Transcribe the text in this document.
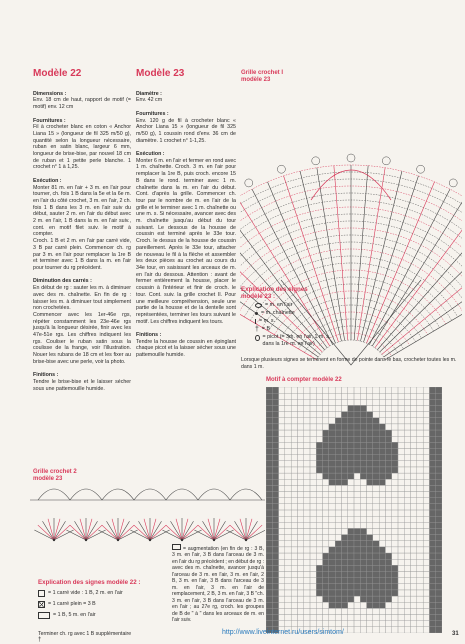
Modèle 22

Dimensions :

Env. 18 cm de haut, rapport de motif (= motif) env. 12 cm

Fournitures :

Fil à crocheter blanc en coton « Anchor Liana 15 » (longueur de fil 325 m/50 g), quantité selon la longueur nécessaire, ruban en satin blanc, largeur 6 mm, longueur de brise-bise, par nouvel 18 cm de ruban et 1 petite perle blanche. 1 crochet n° 1 à 1,25.

Exécution :

Monter 81 m. en l'air + 3 m. en l'air pour tourner, ch. fois 1 B dans la 5e et la 6e m. en l'air du côté crochet, 3 m. en l'air, 2 ch. fois 1 B dans les 3 m. en l'air suiv du début, sauter 2 m. en l'air du début avec 2 m. en l'air, 1 B dans la m. en l'air suiv., cont. en motif filet suiv. le motif à compter.
Croch. 1 B et 2 m. en l'air par carré vide, 3 B par carré plein. Commencer ch. rg par 3 m. en l'air pour remplacer la 1re B et terminer avec 1 B dans la m. en l'air pour tourner du rg précédent.

Diminution des carrés :

En début de rg : sauter les m. à diminuer avec des m. chaînette. En fin de rg : laisser les m. à diminuer tout simplement non crochetées.
Commencer avec les 1er-46e rgs, répéter constamment les 23e-46e rgs jusqu'à la longueur désirée, finir avec les 47e-51e rgs. Les chiffres indiquent les rgs. Couliser le ruban satin sous la coulisse de la frange, voir l'illustration. Nouer les rubans de 18 cm et les fixer au brise-bise avec une perle, voir la photo.

Finitions :

Tendre le brise-bise et le laisser sécher sous une pattemouille humide.

Modèle 23

Diamètre :

Env. 42 cm

Fournitures :

Env. 120 g de fil à crocheter blanc « Anchor Liana 15 » (longueur de fil 325 m/50 g), 1 coussin rond d'env. 36 cm de diamètre. 1 crochet n° 1-1,25.

Exécution :

Monter 6 m. en l'air et fermer en rond avec 1 m. chaînette. Croch. 3 m. en l'air pour remplacer la 1re B, puis croch. encore 15 B dans le rond. terminer avec 1 m. chaînette dans la m. en l'air du début. Cont. d'après la grille. Commencer ch. tour par le nombre de m. en l'air de la grille et le terminer avec 1 m. chaînette ou une m. s. Si nécessaire, avancer avec des m. chaînette jusqu'au début du tour suivant. Le dessous de la housse de coussin est terminé après le 33e tour. Croch. le dessus de la housse de coussin pareillement. Après le 33e tour, attacher de nouveau le fil à la flèche et assembler les deux pièces au crochet au cours du 34e tour, en saisissant les arceaux de m. en l'air du dessous. Attention : avant de fermer entièrement la housse, placer le coussin à l'intérieur et finir de croch. le tour. Cont. suiv. la grille crochet II. Pour une meilleure compréhension, seule une partie de la housse et de la dentelle sont représentées, terminer les tours suivant le motif. Les chiffres indiquent les tours.

Finitions :

Tendre la housse de coussin en épinglant chaque picot et la laisser sécher sous une pattemouille humide.

Grille crochet I
modèle 23
Explication des signes
modèle 23 :
= m. en l'air
= m. chaînette
= m. s.
† = B
= picot (= 3m. en l'air, 1 m. s. dans la 1re m. en l'air)
Lorsque plusieurs signes se terminent en forme de pointe dans le bas, crocheter toutes les m. dans 1 m.
Motif à compter modèle 22
Grille crochet 2
modèle 23

= augmentation (en fin de rg : 3 B, 3 m. en l'air, 3 B dans l'arceau de 3 m. en l'air du rg précédent ; en début de rg : avec des m. chaînette, avancer jusqu'à l'arceau de 3 m. en l'air, 3 m. en l'air, 2 B, 3 m. en l'air, 3 B dans l'arceau de 3 m. en l'air, 3 m. en l'air de remplacement, 2 B, 3 m. en l'air, 3 B "ch. 3 m. en l'air, 3 B dans l'arceau de 3 m. en l'air ; au 27e rg, croch. les groupes de B de " à " dans les arceaux de m. en l'air suiv.

Explication des signes modèle 22 :
= 1 carré vide : 1 B, 2 m. en l'air
= 1 carré plein = 3 B
= 1 B, 5 m. en l'air

Terminer ch. rg avec 1 B supplémentaire
†

http://www.liveinternet.ru/users/simtom/	31
